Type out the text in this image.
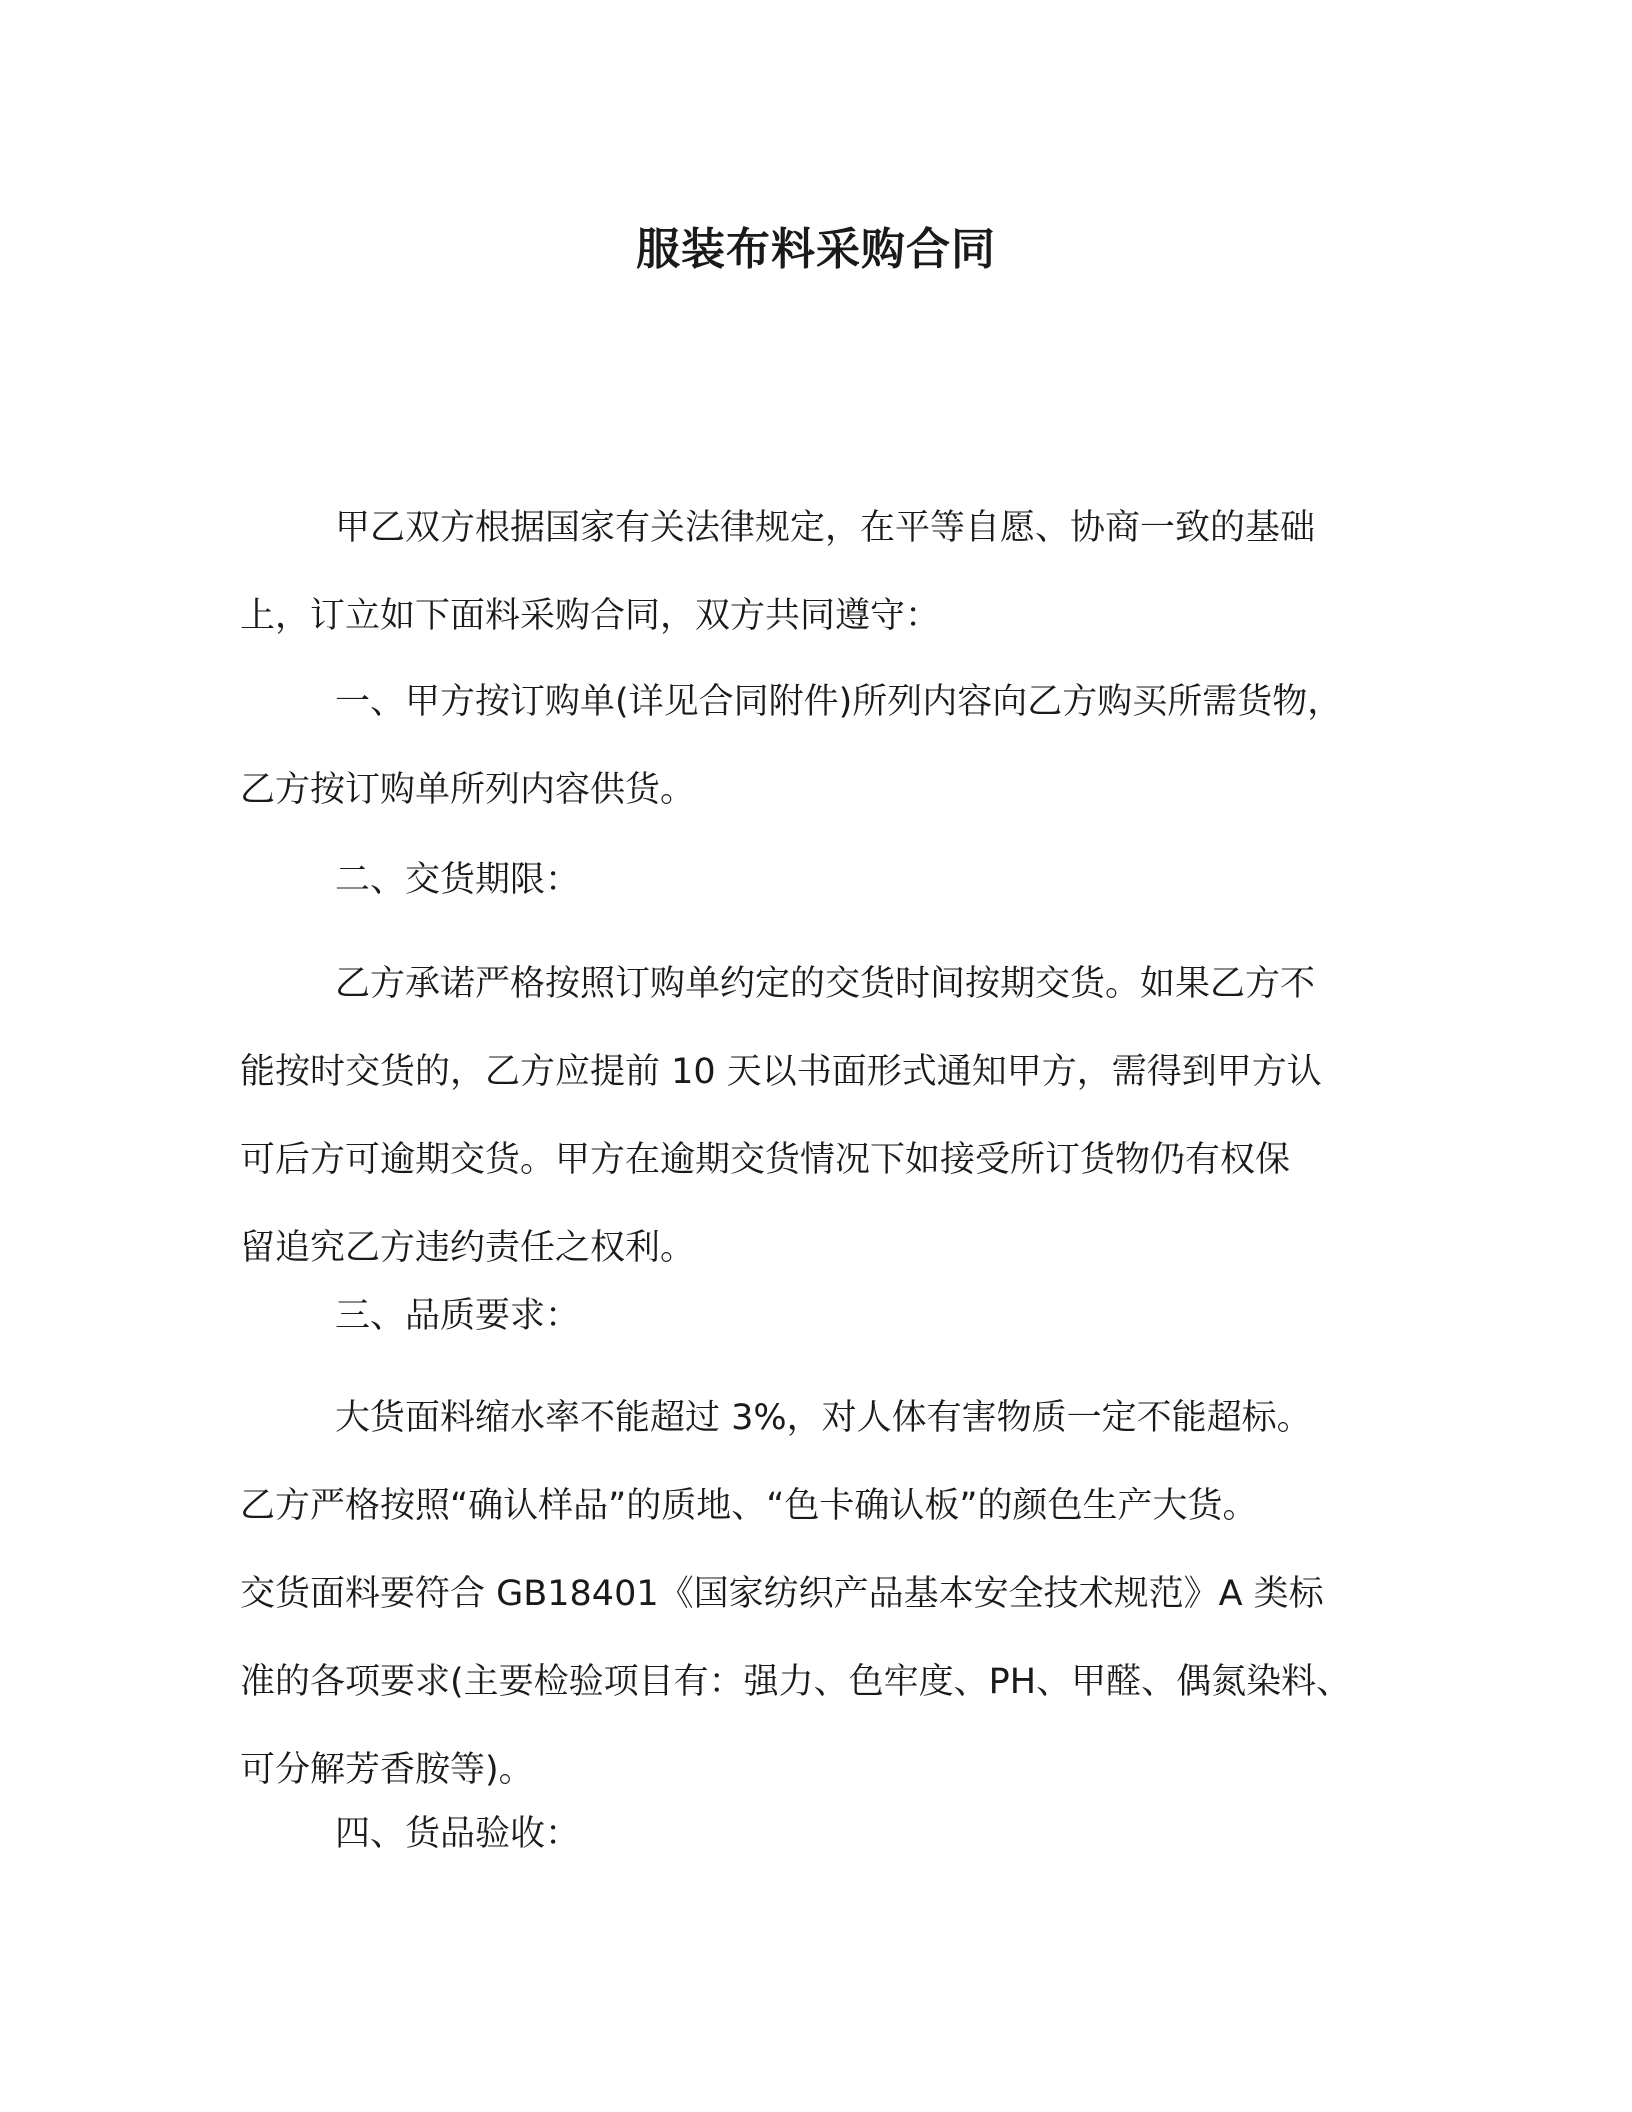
服装布料采购合同
甲乙双方根据国家有关法律规定，在平等自愿、协商一致的基础
上，订立如下面料采购合同，双方共同遵守：
一、甲方按订购单(详见合同附件)所列内容向乙方购买所需货物，
乙方按订购单所列内容供货。
二、交货期限：
乙方承诺严格按照订购单约定的交货时间按期交货。如果乙方不
能按时交货的，乙方应提前 10 天以书面形式通知甲方，需得到甲方认
可后方可逾期交货。甲方在逾期交货情况下如接受所订货物仍有权保
留追究乙方违约责任之权利。
三、品质要求：
大货面料缩水率不能超过 3%，对人体有害物质一定不能超标。
乙方严格按照“确认样品”的质地、“色卡确认板”的颜色生产大货。
交货面料要符合 GB18401《国家纺织产品基本安全技术规范》A 类标
准的各项要求(主要检验项目有：强力、色牢度、PH、甲醛、偶氮染料、
可分解芳香胺等)。
四、货品验收：
